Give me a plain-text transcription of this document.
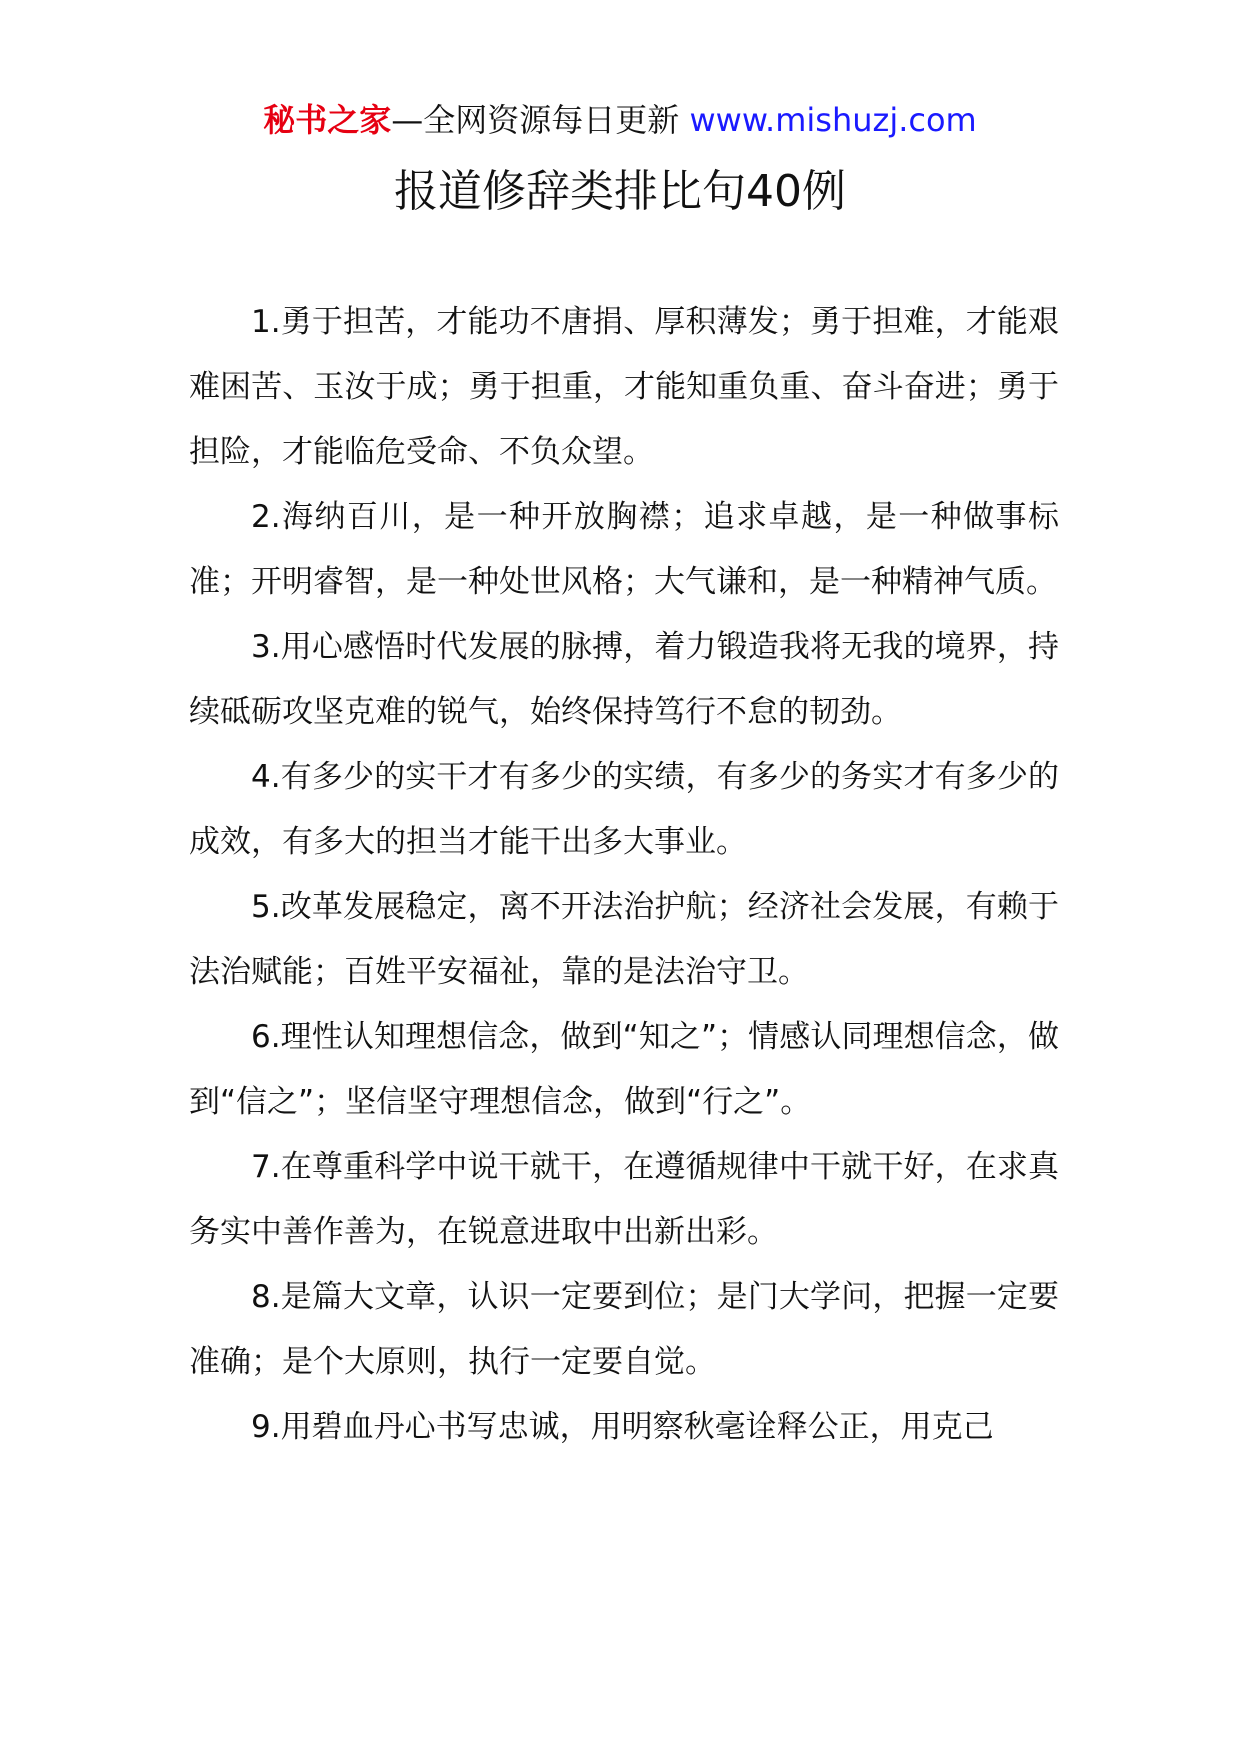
秘书之家—全网资源每日更新 www.mishuzj.com
报道修辞类排比句40例

1.勇于担苦，才能功不唐捐、厚积薄发；勇于担难，才能艰难困苦、玉汝于成；勇于担重，才能知重负重、奋斗奋进；勇于担险，才能临危受命、不负众望。

2.海纳百川，是一种开放胸襟；追求卓越，是一种做事标准；开明睿智，是一种处世风格；大气谦和，是一种精神气质。

3.用心感悟时代发展的脉搏，着力锻造我将无我的境界，持续砥砺攻坚克难的锐气，始终保持笃行不怠的韧劲。

4.有多少的实干才有多少的实绩，有多少的务实才有多少的成效，有多大的担当才能干出多大事业。

5.改革发展稳定，离不开法治护航；经济社会发展，有赖于法治赋能；百姓平安福祉，靠的是法治守卫。

6.理性认知理想信念，做到“知之”；情感认同理想信念，做到“信之”；坚信坚守理想信念，做到“行之”。

7.在尊重科学中说干就干，在遵循规律中干就干好，在求真务实中善作善为，在锐意进取中出新出彩。

8.是篇大文章，认识一定要到位；是门大学问，把握一定要准确；是个大原则，执行一定要自觉。

9.用碧血丹心书写忠诚，用明察秋毫诠释公正，用克己
